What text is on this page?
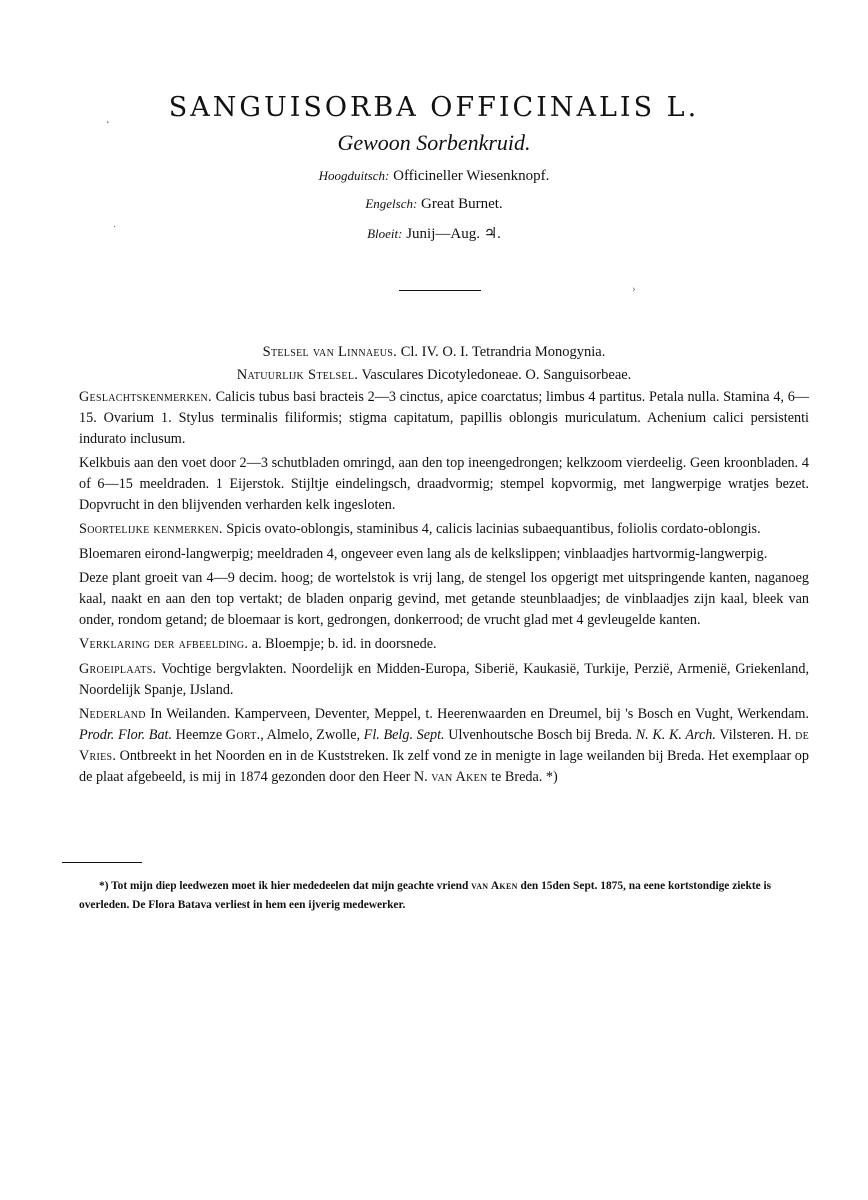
.
·
›
SANGUISORBA OFFICINALIS L.
Gewoon Sorbenkruid.
Hoogduitsch: Officineller Wiesenknopf.
Engelsch: Great Burnet.
Bloeit: Junij—Aug. ♃.
Stelsel van Linnaeus. Cl. IV. O. I. Tetrandria Monogynia.
Natuurlijk Stelsel. Vasculares Dicotyledoneae. O. Sanguisorbeae.

Geslachtskenmerken. Calicis tubus basi bracteis 2—3 cinctus, apice coarctatus; limbus 4 partitus. Petala nulla. Stamina 4, 6—15. Ovarium 1. Stylus terminalis filiformis; stigma capitatum, papillis oblongis muriculatum. Achenium calici persistenti indurato inclusum.

Kelkbuis aan den voet door 2—3 schutbladen omringd, aan den top ineengedrongen; kelkzoom vierdeelig. Geen kroonbladen. 4 of 6—15 meeldraden. 1 Eijerstok. Stijltje eindelingsch, draadvormig; stempel kopvormig, met langwerpige wratjes bezet. Dopvrucht in den blijvenden verharden kelk ingesloten.

Soortelijke kenmerken. Spicis ovato-oblongis, staminibus 4, calicis lacinias subaequantibus, foliolis cordato-oblongis.

Bloemaren eirond-langwerpig; meeldraden 4, ongeveer even lang als de kelkslippen; vinblaadjes hartvormig-langwerpig.

Deze plant groeit van 4—9 decim. hoog; de wortelstok is vrij lang, de stengel los opgerigt met uitspringende kanten, naganoeg kaal, naakt en aan den top vertakt; de bladen onparig gevind, met getande steunblaadjes; de vinblaadjes zijn kaal, bleek van onder, rondom getand; de bloemaar is kort, gedrongen, donkerrood; de vrucht glad met 4 gevleugelde kanten.

Verklaring der afbeelding. a. Bloempje; b. id. in doorsnede.

Groeiplaats. Vochtige bergvlakten. Noordelijk en Midden-Europa, Siberië, Kaukasië, Turkije, Perzië, Armenië, Griekenland, Noordelijk Spanje, IJsland.

Nederland In Weilanden. Kamperveen, Deventer, Meppel, t. Heerenwaarden en Dreumel, bij 's Bosch en Vught, Werkendam. Prodr. Flor. Bat. Heemze Gort., Almelo, Zwolle, Fl. Belg. Sept. Ulvenhoutsche Bosch bij Breda. N. K. K. Arch. Vilsteren. H. de Vries. Ontbreekt in het Noorden en in de Kuststreken. Ik zelf vond ze in menigte in lage weilanden bij Breda. Het exemplaar op de plaat afgebeeld, is mij in 1874 gezonden door den Heer N. van Aken te Breda. *)

*) Tot mijn diep leedwezen moet ik hier mededeelen dat mijn geachte vriend van Aken den 15den Sept. 1875, na eene kortstondige ziekte is overleden. De Flora Batava verliest in hem een ijverig medewerker.
